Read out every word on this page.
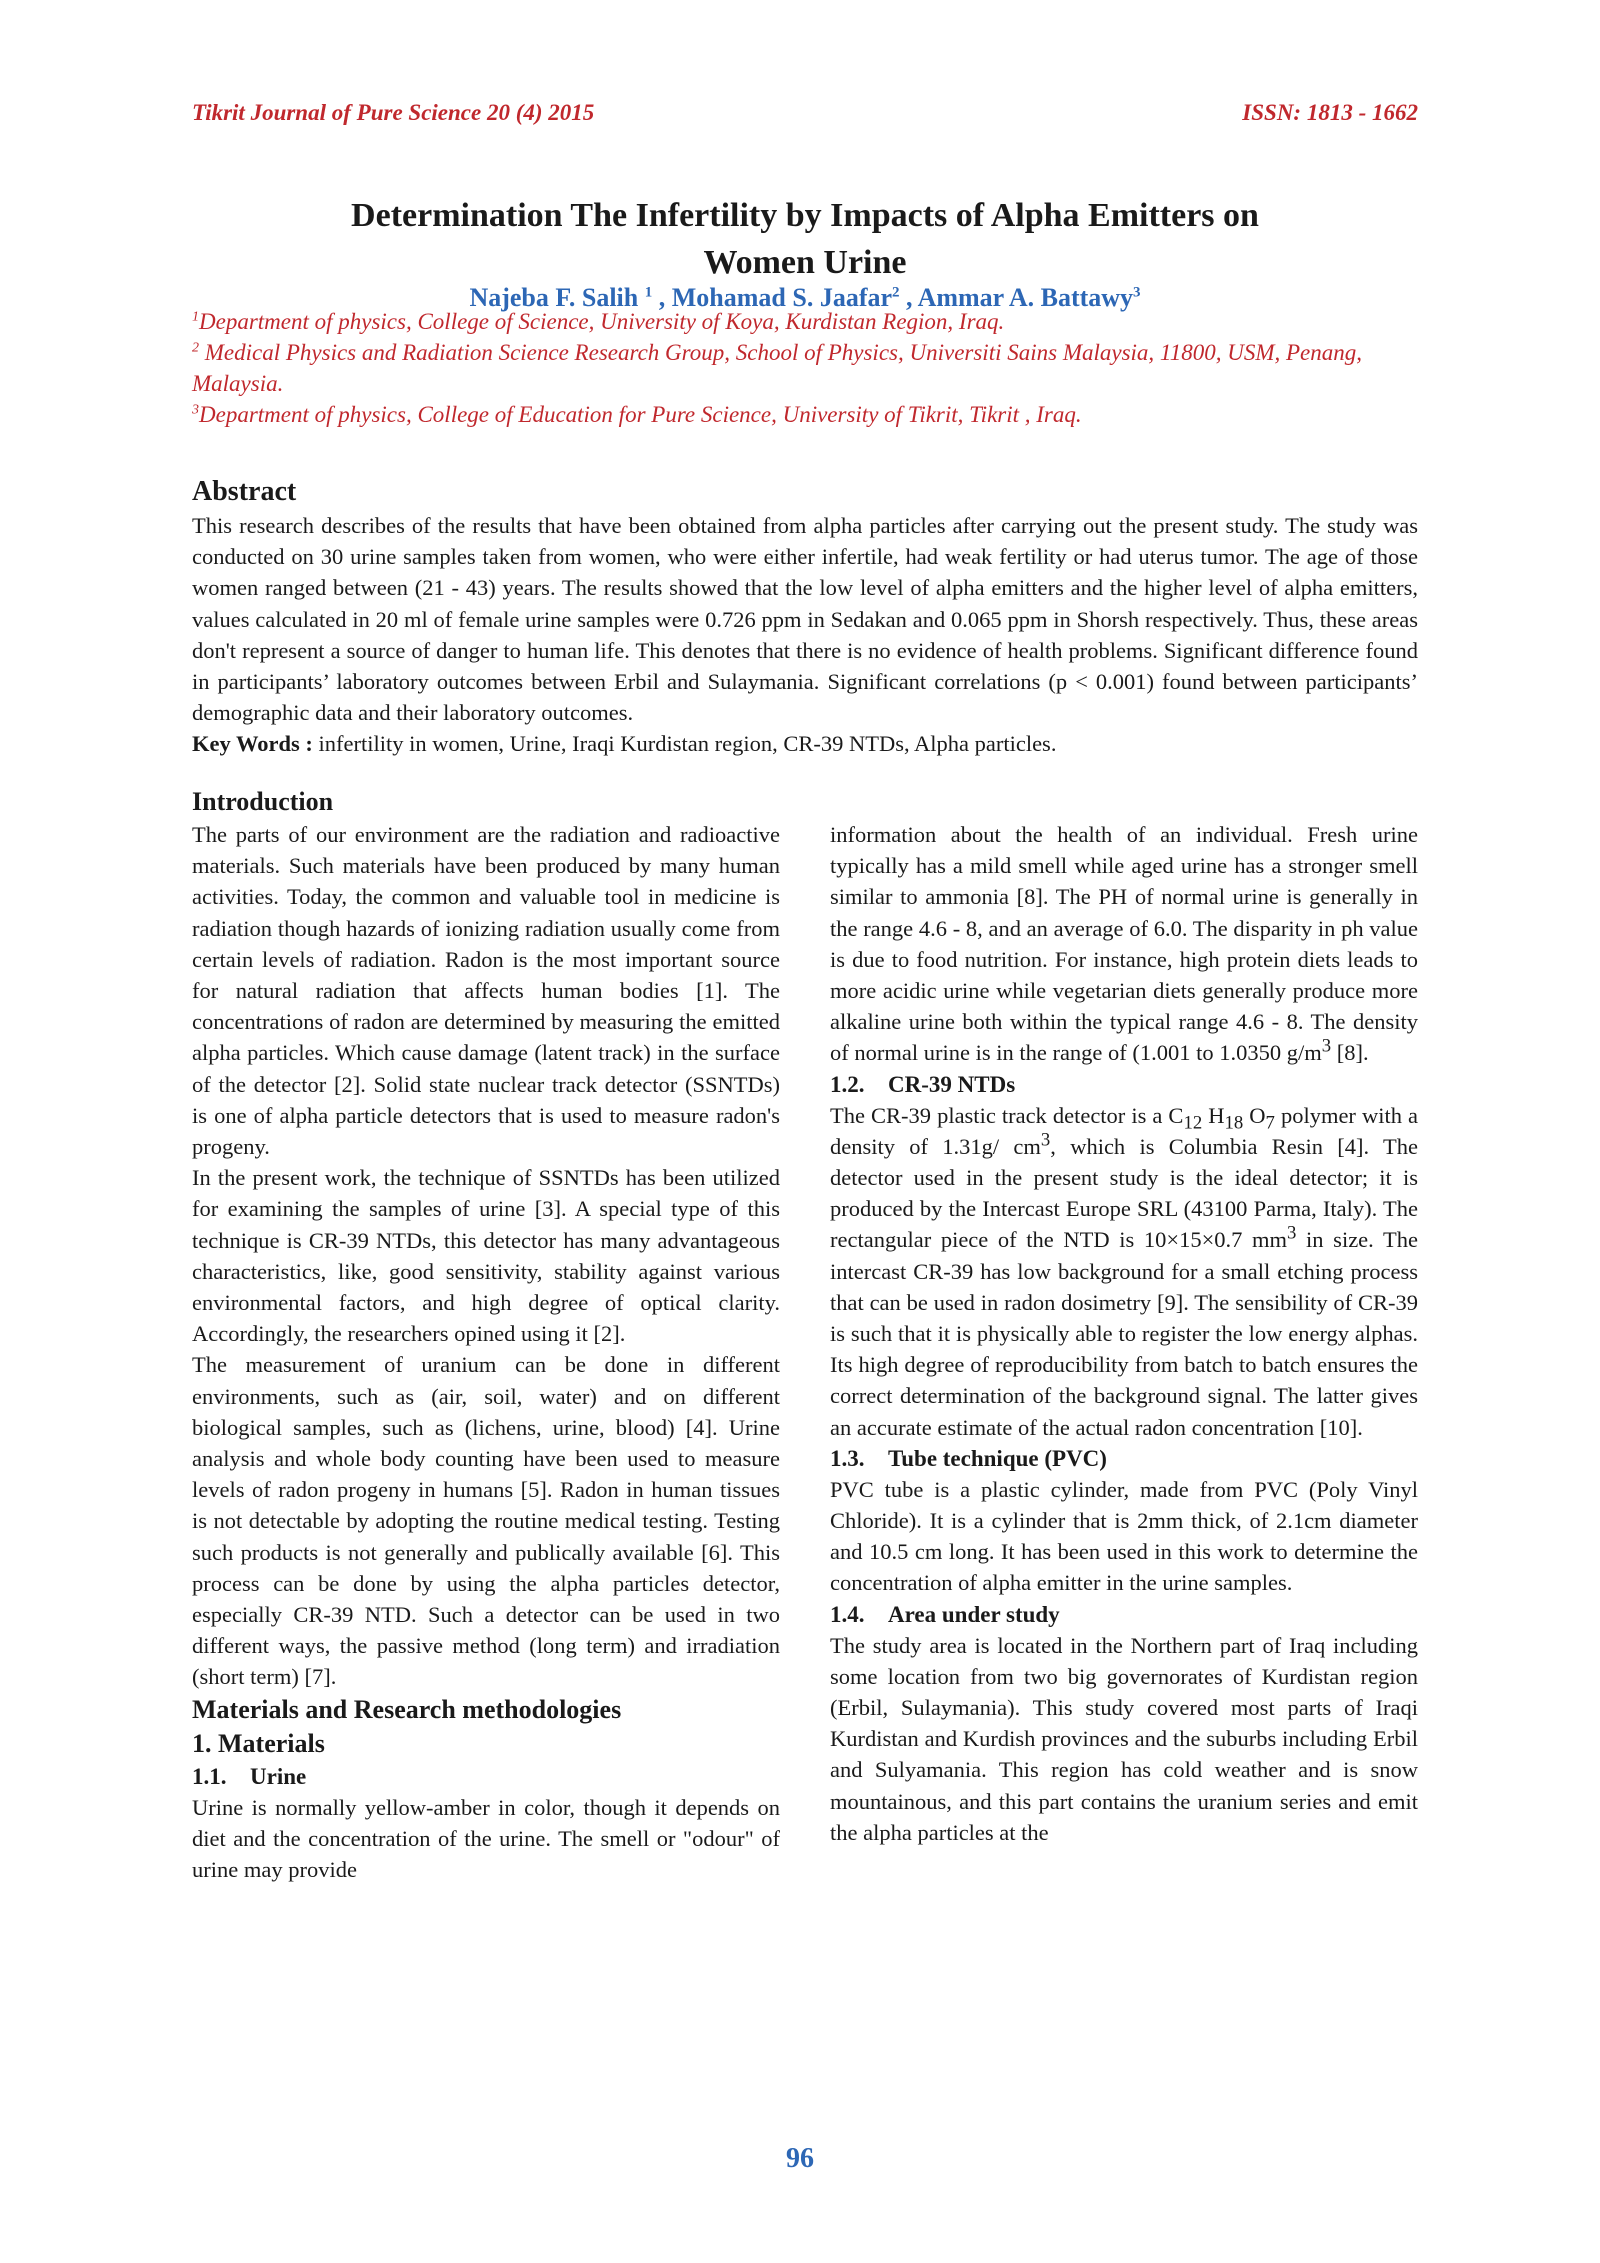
Tikrit Journal of Pure Science 20 (4) 2015	ISSN: 1813 - 1662
Determination The Infertility by Impacts of Alpha Emitters on
Women Urine
Najeba F. Salih $^1$ , Mohamad S. Jaafar$^2$ , Ammar A. Battawy$^3$
$^1$Department of physics, College of Science, University of Koya, Kurdistan Region, Iraq.
$^2$ Medical Physics and Radiation Science Research Group, School of Physics, Universiti Sains Malaysia, 11800, USM, Penang, Malaysia.
$^3$Department of physics, College of Education for Pure Science, University of Tikrit, Tikrit , Iraq.
Abstract

This research describes of the results that have been obtained from alpha particles after carrying out the present study. The study was conducted on 30 urine samples taken from women, who were either infertile, had weak fertility or had uterus tumor. The age of those women ranged between (21 - 43) years. The results showed that the low level of alpha emitters and the higher level of alpha emitters, values calculated in 20 ml of female urine samples were 0.726 ppm in Sedakan and 0.065 ppm in Shorsh respectively. Thus, these areas don't represent a source of danger to human life. This denotes that there is no evidence of health problems. Significant difference found in participants’ laboratory outcomes between Erbil and Sulaymania. Significant correlations (p < 0.001) found between participants’ demographic data and their laboratory outcomes.

Key Words : infertility in women, Urine, Iraqi Kurdistan region, CR-39 NTDs, Alpha particles.

Introduction

The parts of our environment are the radiation and radioactive materials. Such materials have been produced by many human activities. Today, the common and valuable tool in medicine is radiation though hazards of ionizing radiation usually come from certain levels of radiation. Radon is the most important source for natural radiation that affects human bodies [1]. The concentrations of radon are determined by measuring the emitted alpha particles. Which cause damage (latent track) in the surface of the detector [2]. Solid state nuclear track detector (SSNTDs) is one of alpha particle detectors that is used to measure radon's progeny.

In the present work, the technique of SSNTDs has been utilized for examining the samples of urine [3]. A special type of this technique is CR-39 NTDs, this detector has many advantageous characteristics, like, good sensitivity, stability against various environmental factors, and high degree of optical clarity. Accordingly, the researchers opined using it [2].

The measurement of uranium can be done in different environments, such as (air, soil, water) and on different biological samples, such as (lichens, urine, blood) [4]. Urine analysis and whole body counting have been used to measure levels of radon progeny in humans [5]. Radon in human tissues is not detectable by adopting the routine medical testing. Testing such products is not generally and publically available [6]. This process can be done by using the alpha particles detector, especially CR-39 NTD. Such a detector can be used in two different ways, the passive method (long term) and irradiation (short term) [7].

Materials and Research methodologies
1. Materials
1.1. Urine

Urine is normally yellow-amber in color, though it depends on diet and the concentration of the urine. The smell or "odour" of urine may provide

information about the health of an individual. Fresh urine typically has a mild smell while aged urine has a stronger smell similar to ammonia [8]. The PH of normal urine is generally in the range 4.6 - 8, and an average of 6.0. The disparity in ph value is due to food nutrition. For instance, high protein diets leads to more acidic urine while vegetarian diets generally produce more alkaline urine both within the typical range 4.6 - 8. The density of normal urine is in the range of (1.001 to 1.0350 $g/m^3$ [8].

1.2. CR-39 NTDs

The CR-39 plastic track detector is a $C_{12}$ $H_{18}$ $O_7$ polymer with a density of 1.31g/ $cm^3$, which is Columbia Resin [4]. The detector used in the present study is the ideal detector; it is produced by the Intercast Europe SRL (43100 Parma, Italy). The rectangular piece of the NTD is 10×15×0.7 $mm^3$ in size. The intercast CR-39 has low background for a small etching process that can be used in radon dosimetry [9]. The sensibility of CR-39 is such that it is physically able to register the low energy alphas. Its high degree of reproducibility from batch to batch ensures the correct determination of the background signal. The latter gives an accurate estimate of the actual radon concentration [10].

1.3. Tube technique (PVC)

PVC tube is a plastic cylinder, made from PVC (Poly Vinyl Chloride). It is a cylinder that is 2mm thick, of 2.1cm diameter and 10.5 cm long. It has been used in this work to determine the concentration of alpha emitter in the urine samples.

1.4. Area under study

The study area is located in the Northern part of Iraq including some location from two big governorates of Kurdistan region (Erbil, Sulaymania). This study covered most parts of Iraqi Kurdistan and Kurdish provinces and the suburbs including Erbil and Sulyamania. This region has cold weather and is snow mountainous, and this part contains the uranium series and emit the alpha particles at the

96
